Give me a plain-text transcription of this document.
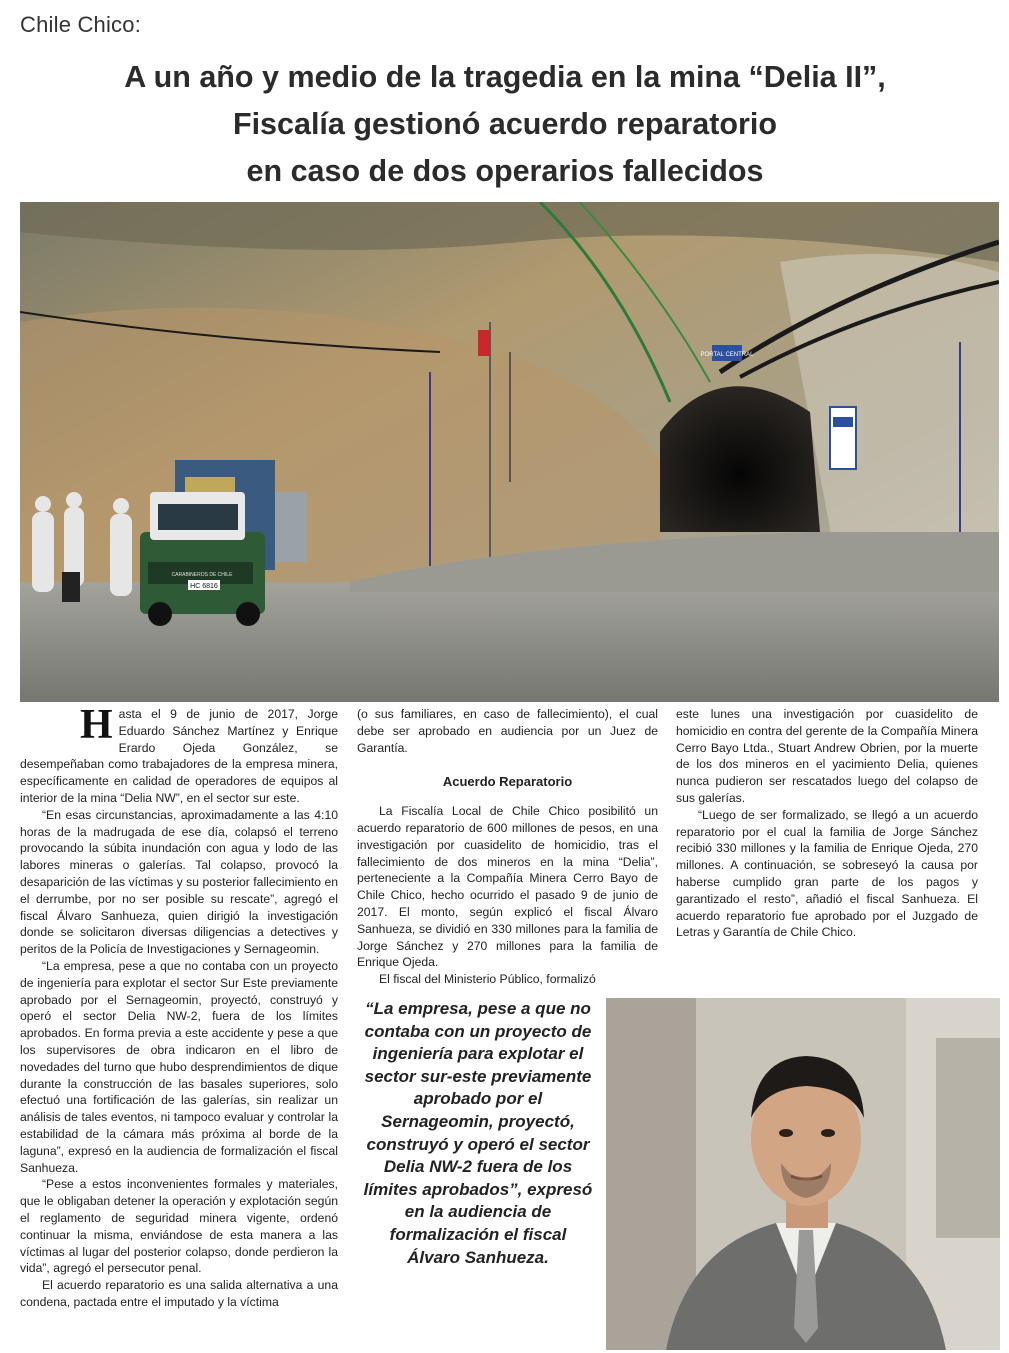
Chile Chico:
A un año y medio de la tragedia en la mina “Delia II”,
Fiscalía gestionó acuerdo reparatorio
en caso de dos operarios fallecidos
PORTAL CENTRAL
HC 6816
CARABINEROS DE CHILE

Hasta el 9 de junio de 2017, Jorge Eduardo Sánchez Martínez y Enrique Erardo Ojeda González, se desempeñaban como trabajadores de la empresa minera, específicamente en calidad de operadores de equipos al interior de la mina “Delia NW”, en el sector sur este.

“En esas circunstancias, aproximadamente a las 4:10 horas de la madrugada de ese día, colapsó el terreno provocando la súbita inundación con agua y lodo de las labores mineras o galerías. Tal colapso, provocó la desaparición de las víctimas y su posterior fallecimiento en el derrumbe, por no ser posible su rescate”, agregó el fiscal Álvaro Sanhueza, quien dirigió la investigación donde se solicitaron diversas diligencias a detectives y peritos de la Policía de Investigaciones y Sernageomin.

“La empresa, pese a que no contaba con un proyecto de ingeniería para explotar el sector Sur Este previamente aprobado por el Sernageomin, proyectó, construyó y operó el sector Delia NW-2, fuera de los límites aprobados. En forma previa a este accidente y pese a que los supervisores de obra indicaron en el libro de novedades del turno que hubo desprendimientos de dique durante la construcción de las basales superiores, solo efectuó una fortificación de las galerías, sin realizar un análisis de tales eventos, ni tampoco evaluar y controlar la estabilidad de la cámara más próxima al borde de la laguna”, expresó en la audiencia de formalización el fiscal Sanhueza.

“Pese a estos inconvenientes formales y materiales, que le obligaban detener la operación y explotación según el reglamento de seguridad minera vigente, ordenó continuar la misma, enviándose de esta manera a las víctimas al lugar del posterior colapso, donde perdieron la vida”, agregó el persecutor penal.

El acuerdo reparatorio es una salida alternativa a una condena, pactada entre el imputado y la víctima

(o sus familiares, en caso de fallecimiento), el cual debe ser aprobado en audiencia por un Juez de Garantía.

Acuerdo Reparatorio

La Fiscalía Local de Chile Chico posibilitó un acuerdo reparatorio de 600 millones de pesos, en una investigación por cuasidelito de homicidio, tras el fallecimiento de dos mineros en la mina “Delia”, perteneciente a la Compañía Minera Cerro Bayo de Chile Chico, hecho ocurrido el pasado 9 de junio de 2017. El monto, según explicó el fiscal Álvaro Sanhueza, se dividió en 330 millones para la familia de Jorge Sánchez y 270 millones para la familia de Enrique Ojeda.

El fiscal del Ministerio Público, formalizó

este lunes una investigación por cuasidelito de homicidio en contra del gerente de la Compañía Minera Cerro Bayo Ltda., Stuart Andrew Obrien, por la muerte de los dos mineros en el yacimiento Delia, quienes nunca pudieron ser rescatados luego del colapso de sus galerías.

“Luego de ser formalizado, se llegó a un acuerdo reparatorio por el cual la familia de Jorge Sánchez recibió 330 millones y la familia de Enrique Ojeda, 270 millones. A continuación, se sobreseyó la causa por haberse cumplido gran parte de los pagos y garantizado el resto”, añadió el fiscal Sanhueza. El acuerdo reparatorio fue aprobado por el Juzgado de Letras y Garantía de Chile Chico.

“La empresa, pese a que no contaba con un proyecto de ingeniería para explotar el sector sur-este previamente aprobado por el Sernageomin, proyectó, construyó y operó el sector Delia NW-2 fuera de los límites aprobados”, expresó en la audiencia de formalización el fiscal Álvaro Sanhueza.
